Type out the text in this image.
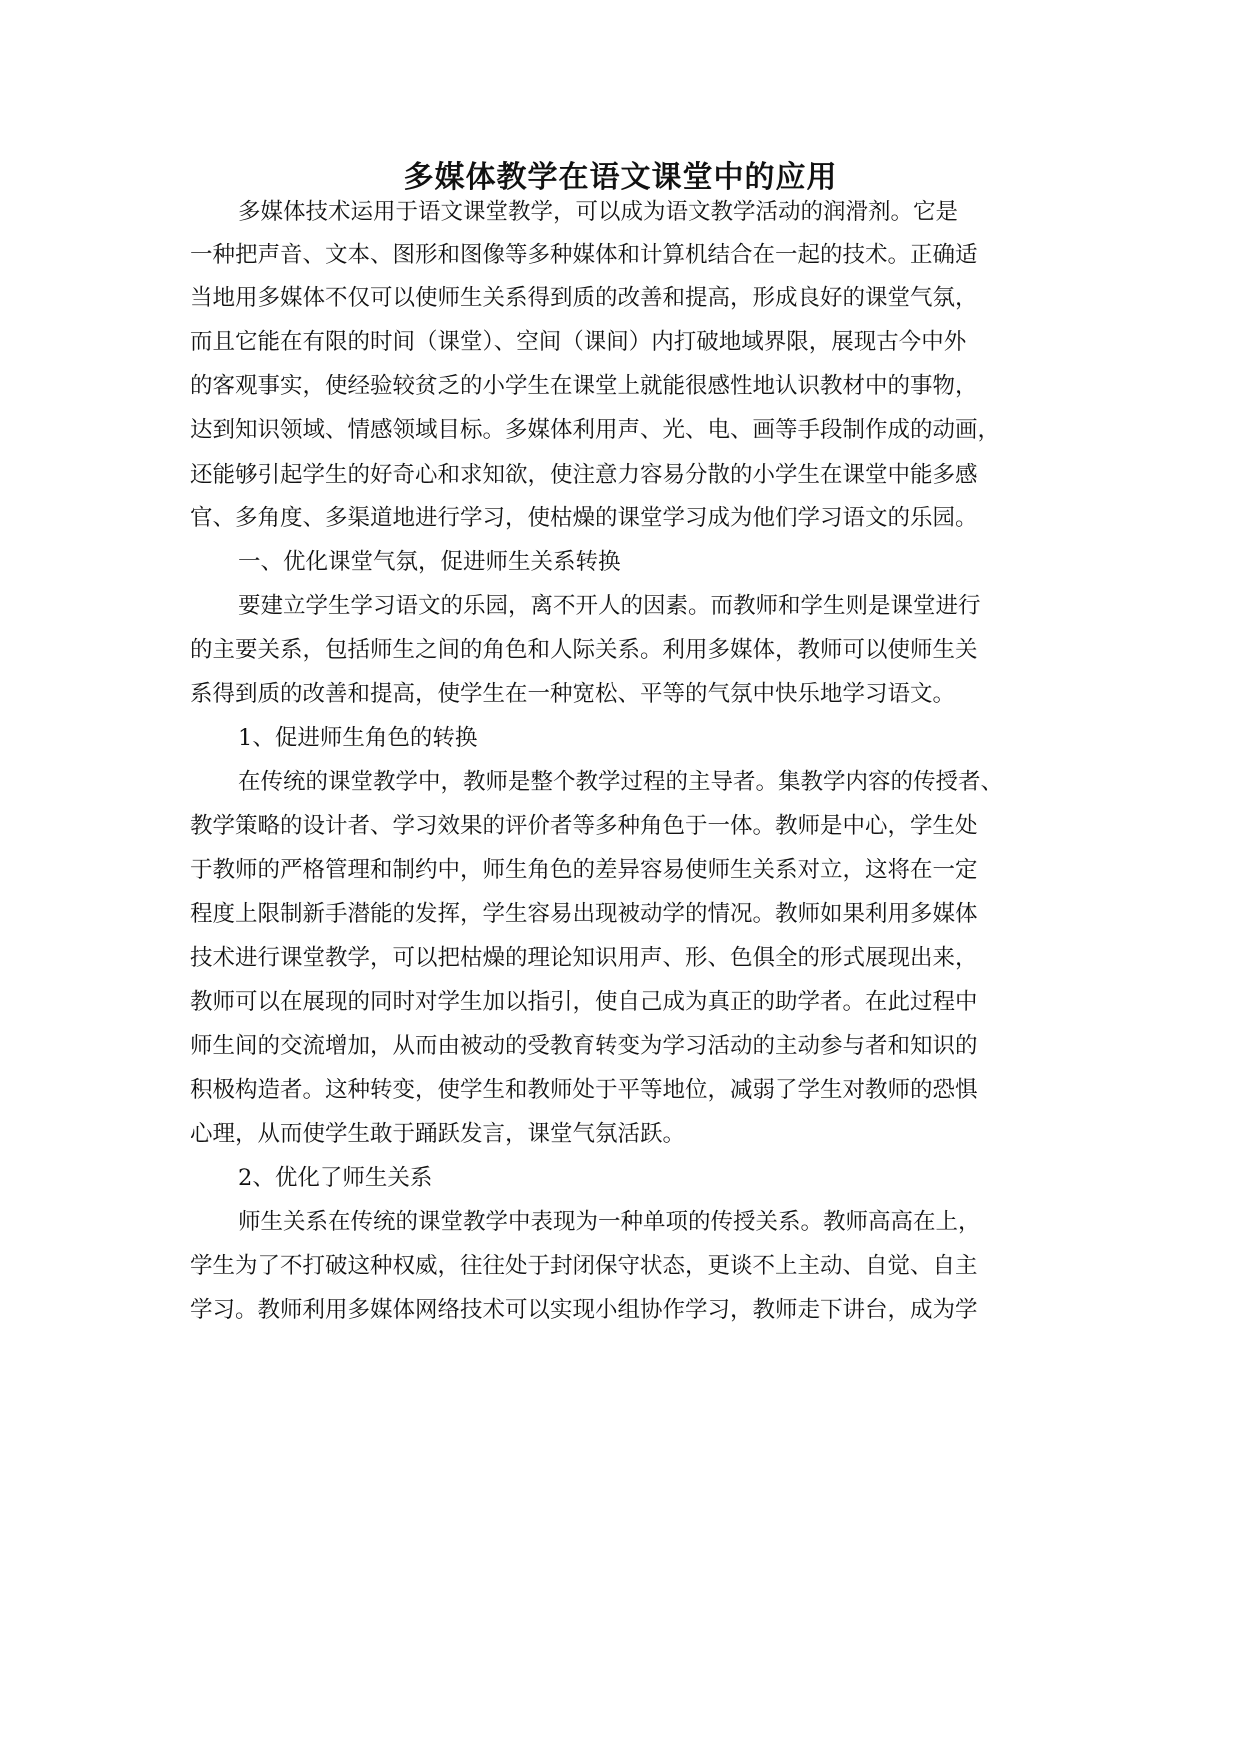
多媒体教学在语文课堂中的应用
多媒体技术运用于语文课堂教学，可以成为语文教学活动的润滑剂。它是
一种把声音、文本、图形和图像等多种媒体和计算机结合在一起的技术。正确适
当地用多媒体不仅可以使师生关系得到质的改善和提高，形成良好的课堂气氛，
而且它能在有限的时间（课堂）、空间（课间）内打破地域界限，展现古今中外
的客观事实，使经验较贫乏的小学生在课堂上就能很感性地认识教材中的事物，
达到知识领域、情感领域目标。多媒体利用声、光、电、画等手段制作成的动画，
还能够引起学生的好奇心和求知欲，使注意力容易分散的小学生在课堂中能多感
官、多角度、多渠道地进行学习，使枯燥的课堂学习成为他们学习语文的乐园。
一、优化课堂气氛，促进师生关系转换
要建立学生学习语文的乐园，离不开人的因素。而教师和学生则是课堂进行
的主要关系，包括师生之间的角色和人际关系。利用多媒体，教师可以使师生关
系得到质的改善和提高，使学生在一种宽松、平等的气氛中快乐地学习语文。
1、促进师生角色的转换
在传统的课堂教学中，教师是整个教学过程的主导者。集教学内容的传授者、
教学策略的设计者、学习效果的评价者等多种角色于一体。教师是中心，学生处
于教师的严格管理和制约中，师生角色的差异容易使师生关系对立，这将在一定
程度上限制新手潜能的发挥，学生容易出现被动学的情况。教师如果利用多媒体
技术进行课堂教学，可以把枯燥的理论知识用声、形、色俱全的形式展现出来，
教师可以在展现的同时对学生加以指引，使自己成为真正的助学者。在此过程中
师生间的交流增加，从而由被动的受教育转变为学习活动的主动参与者和知识的
积极构造者。这种转变，使学生和教师处于平等地位，减弱了学生对教师的恐惧
心理，从而使学生敢于踊跃发言，课堂气氛活跃。
2、优化了师生关系
师生关系在传统的课堂教学中表现为一种单项的传授关系。教师高高在上，
学生为了不打破这种权威，往往处于封闭保守状态，更谈不上主动、自觉、自主
学习。教师利用多媒体网络技术可以实现小组协作学习，教师走下讲台，成为学
